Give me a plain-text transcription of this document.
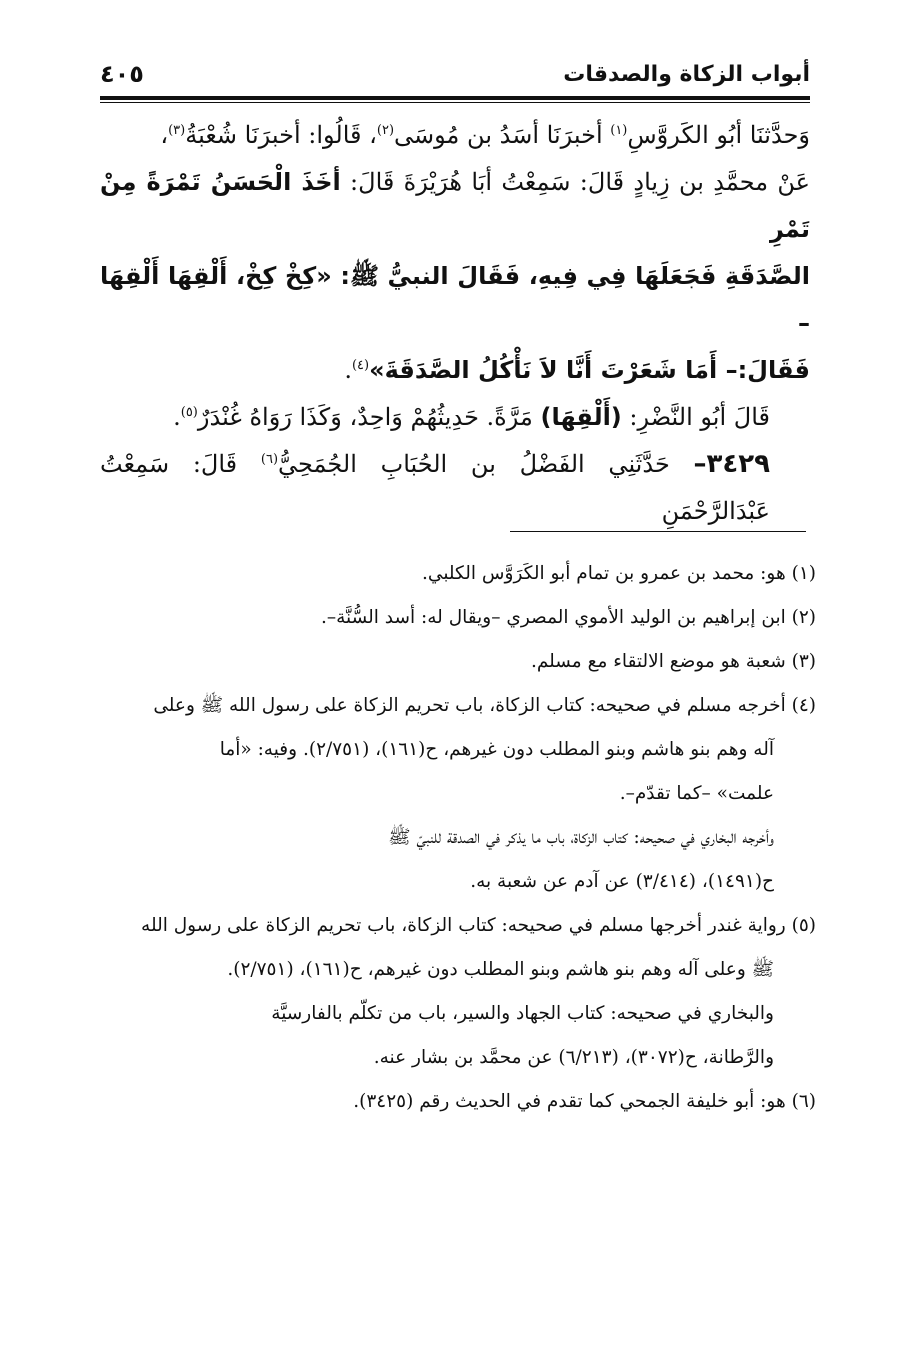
أبواب الزكاة والصدقات
٤٠٥

وَحدَّثنَا أبُو الكَروَّسِ$^{(١)}$ أخبرَنَا أسَدُ بن مُوسَى$^{(٢)}$، قَالُوا: أخبرَنَا شُعْبَةُ$^{(٣)}$،

عَنْ محمَّدِ بن زِيادٍ قَالَ: سَمِعْتُ أبَا هُرَيْرَةَ قَالَ: أخَذَ الْحَسَنُ تَمْرَةً مِنْ تَمْرِ

الصَّدَقَةِ فَجَعَلَهَا فِي فِيهِ، فَقَالَ النبيُّ ﷺ: «كِخْ كِخْ، أَلْقِهَا أَلْقِهَا –

فَقَالَ:– أَمَا شَعَرْتَ أَنَّا لاَ نَأْكُلُ الصَّدَقَةَ»$^{(٤)}$.

قَالَ أبُو النَّضْرِ: (أَلْقِهَا) مَرَّةً. حَدِيثُهُمْ وَاحِدٌ، وَكَذَا رَوَاهُ غُنْدَرٌ$^{(٥)}$.

٣٤٢٩– حَدَّثَنِي الفَضْلُ بن الحُبَابِ الجُمَحِيُّ$^{(٦)}$ قَالَ: سَمِعْتُ عَبْدَالرَّحْمَنِ

(١) هو: محمد بن عمرو بن تمام أبو الكَرَوَّس الكلبي.

(٢) ابن إبراهيم بن الوليد الأموي المصري –ويقال له: أسد السُّنَّة–.

(٣) شعبة هو موضع الالتقاء مع مسلم.

(٤) أخرجه مسلم في صحيحه: كتاب الزكاة، باب تحريم الزكاة على رسول الله ﷺ وعلى

آله وهم بنو هاشم وبنو المطلب دون غيرهم، ح(١٦١)، (٢/٧٥١). وفيه: «أما

علمت» –كما تقدّم–.

وأخرجه البخاري في صحيحه: كتاب الزكاة، باب ما يذكر في الصدقة للنبيّ ﷺ

ح(١٤٩١)، (٣/٤١٤) عن آدم عن شعبة به.

(٥) رواية غندر أخرجها مسلم في صحيحه: كتاب الزكاة، باب تحريم الزكاة على رسول الله

ﷺ وعلى آله وهم بنو هاشم وبنو المطلب دون غيرهم، ح(١٦١)، (٢/٧٥١).

والبخاري في صحيحه: كتاب الجهاد والسير، باب من تكلّم بالفارسيَّة

والرَّطانة، ح(٣٠٧٢)، (٦/٢١٣) عن محمَّد بن بشار عنه.

(٦) هو: أبو خليفة الجمحي كما تقدم في الحديث رقم (٣٤٢٥).
